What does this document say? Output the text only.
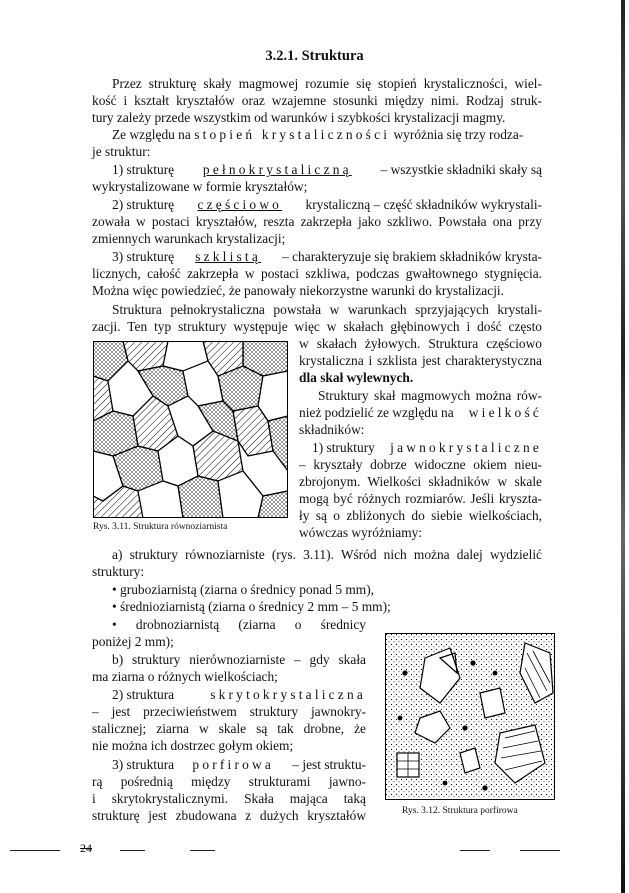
3.2.1. Struktura
Przez strukturę skały magmowej rozumie się stopień krystaliczności, wiel-
kość i kształt kryształów oraz wzajemne stosunki między nimi. Rodzaj struk-
tury zależy przede wszystkim od warunków i szybkości krystalizacji magmy.
Ze względu na stopień krystaliczności wyróżnia się trzy rodza-
je struktur:
1) strukturę pełnokrystaliczną – wszystkie składniki skały są
wykrystalizowane w formie kryształów;
2) strukturę częściowo krystaliczną – część składników wykrystali-
zowała w postaci kryształów, reszta zakrzepła jako szkliwo. Powstała ona przy
zmiennych warunkach krystalizacji;
3) strukturę szklistą – charakteryzuje się brakiem składników krysta-
licznych, całość zakrzepła w postaci szkliwa, podczas gwałtownego stygnięcia.
Można więc powiedzieć, że panowały niekorzystne warunki do krystalizacji.
Struktura pełnokrystaliczna powstała w warunkach sprzyjających krystali-
zacji. Ten typ struktury występuje więc w skałach głębinowych i dość często
w skałach żyłowych. Struktura częściowo
krystaliczna i szklista jest charakterystyczna
dla skał wylewnych.
Struktury skał magmowych można rów-
nież podzielić ze względu na wielkość
składników:
1) struktury jawnokrystaliczne
– kryształy dobrze widoczne okiem nieu-
zbrojonym. Wielkości składników w skale
mogą być różnych rozmiarów. Jeśli kryszta-
ły są o zbliżonych do siebie wielkościach,
wówczas wyróżniamy:
Rys. 3.11. Struktura równoziarnista
a) struktury równoziarniste (rys. 3.11). Wśród nich można dalej wydzielić
struktury:
• gruboziarnistą (ziarna o średnicy ponad 5 mm),
• średnioziarnistą (ziarna o średnicy 2 mm – 5 mm);
• drobnoziarnistą (ziarna o średnicy
poniżej 2 mm);
b) struktury nierównoziarniste – gdy skała
ma ziarna o różnych wielkościach;
2) struktura	skrytokrystaliczna
– jest przeciwieństwem struktury jawnokry-
stalicznej; ziarna w skale są tak drobne, że
nie można ich dostrzec gołym okiem;
3) struktura porfirowa – jest struktu-
rą pośrednią między strukturami jawno-
i skrytokrystalicznymi. Skała mająca taką
strukturę jest zbudowana z dużych kryształów	Rys. 3.12. Struktura porfirowa
24
